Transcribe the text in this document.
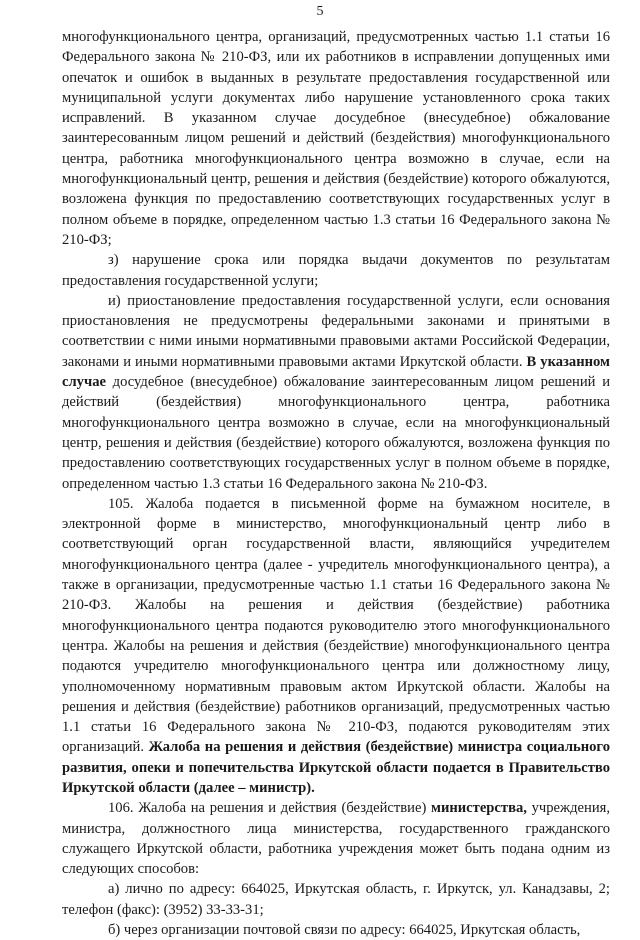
5

многофункционального центра, организаций, предусмотренных частью 1.1 статьи 16 Федерального закона № 210-ФЗ, или их работников в исправлении допущенных ими опечаток и ошибок в выданных в результате предоставления государственной или муниципальной услуги документах либо нарушение установленного срока таких исправлений. В указанном случае досудебное (внесудебное) обжалование заинтересованным лицом решений и действий (бездействия) многофункционального центра, работника многофункционального центра возможно в случае, если на многофункциональный центр, решения и действия (бездействие) которого обжалуются, возложена функция по предоставлению соответствующих государственных услуг в полном объеме в порядке, определенном частью 1.3 статьи 16 Федерального закона № 210-ФЗ;

з) нарушение срока или порядка выдачи документов по результатам предоставления государственной услуги;

и) приостановление предоставления государственной услуги, если основания приостановления не предусмотрены федеральными законами и принятыми в соответствии с ними иными нормативными правовыми актами Российской Федерации, законами и иными нормативными правовыми актами Иркутской области. В указанном случае досудебное (внесудебное) обжалование заинтересованным лицом решений и действий (бездействия) многофункционального центра, работника многофункционального центра возможно в случае, если на многофункциональный центр, решения и действия (бездействие) которого обжалуются, возложена функция по предоставлению соответствующих государственных услуг в полном объеме в порядке, определенном частью 1.3 статьи 16 Федерального закона № 210-ФЗ.

105. Жалоба подается в письменной форме на бумажном носителе, в электронной форме в министерство, многофункциональный центр либо в соответствующий орган государственной власти, являющийся учредителем многофункционального центра (далее - учредитель многофункционального центра), а также в организации, предусмотренные частью 1.1 статьи 16 Федерального закона № 210-ФЗ. Жалобы на решения и действия (бездействие) работника многофункционального центра подаются руководителю этого многофункционального центра. Жалобы на решения и действия (бездействие) многофункционального центра подаются учредителю многофункционального центра или должностному лицу, уполномоченному нормативным правовым актом Иркутской области. Жалобы на решения и действия (бездействие) работников организаций, предусмотренных частью 1.1 статьи 16 Федерального закона № 210-ФЗ, подаются руководителям этих организаций. Жалоба на решения и действия (бездействие) министра социального развития, опеки и попечительства Иркутской области подается в Правительство Иркутской области (далее – министр).

106. Жалоба на решения и действия (бездействие) министерства, учреждения, министра, должностного лица министерства, государственного гражданского служащего Иркутской области, работника учреждения может быть подана одним из следующих способов:

а) лично по адресу: 664025, Иркутская область, г. Иркутск, ул. Канадзавы, 2; телефон (факс): (3952) 33-33-31;

б) через организации почтовой связи по адресу: 664025, Иркутская область,
